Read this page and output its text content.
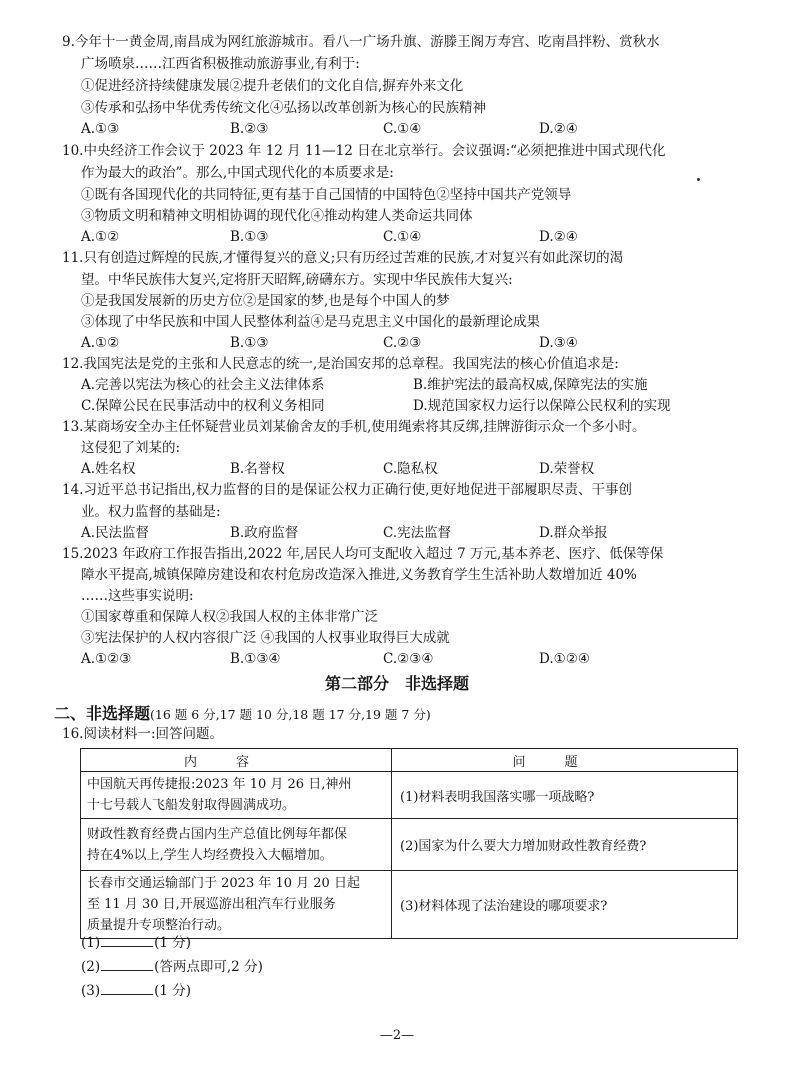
9.今年十一黄金周,南昌成为网红旅游城市。看八一广场升旗、游滕王阁万寿宫、吃南昌拌粉、赏秋水
广场喷泉……江西省积极推动旅游事业,有利于:
①促进经济持续健康发展②提升老俵们的文化自信,摒弃外来文化
③传承和弘扬中华优秀传统文化④弘扬以改革创新为核心的民族精神
A.①③	B.②③	C.①④	D.②④
10.中央经济工作会议于 2023 年 12 月 11—12 日在北京举行。会议强调:“必须把推进中国式现代化
作为最大的政治”。那么,中国式现代化的本质要求是:
①既有各国现代化的共同特征,更有基于自己国情的中国特色②坚持中国共产党领导
③物质文明和精神文明相协调的现代化④推动构建人类命运共同体
A.①②	B.①③	C.①④	D.②④
11.只有创造过辉煌的民族,才懂得复兴的意义;只有历经过苦难的民族,才对复兴有如此深切的渴
望。中华民族伟大复兴,定将肝天昭辉,磅礴东方。实现中华民族伟大复兴:
①是我国发展新的历史方位②是国家的梦,也是每个中国人的梦
③体现了中华民族和中国人民整体利益④是马克思主义中国化的最新理论成果
A.①②	B.①③	C.②③	D.③④
12.我国宪法是党的主张和人民意志的统一,是治国安邦的总章程。我国宪法的核心价值追求是:
A.完善以宪法为核心的社会主义法律体系	B.维护宪法的最高权威,保障宪法的实施
C.保障公民在民事活动中的权利义务相同	D.规范国家权力运行以保障公民权利的实现
13.某商场安全办主任怀疑营业员刘某偷舍友的手机,使用绳索将其反绑,挂牌游街示众一个多小时。
这侵犯了刘某的:
A.姓名权	B.名誉权	C.隐私权	D.荣誉权
14.习近平总书记指出,权力监督的目的是保证公权力正确行使,更好地促进干部履职尽责、干事创
业。权力监督的基础是:
A.民法监督	B.政府监督	C.宪法监督	D.群众举报
15.2023 年政府工作报告指出,2022 年,居民人均可支配收入超过 7 万元,基本养老、医疗、低保等保
障水平提高,城镇保障房建设和农村危房改造深入推进,义务教育学生生活补助人数增加近 40%
……这些事实说明:
①国家尊重和保障人权②我国人权的主体非常广泛
③宪法保护的人权内容很广泛 ④我国的人权事业取得巨大成就
A.①②③	B.①③④	C.②③④	D.①②④
第二部分　非选择题
二、非选择题(16 题 6 分,17 题 10 分,18 题 17 分,19 题 7 分)
16.阅读材料一:回答问题。
内容	问题

中国航天再传捷报:2023 年 10 月 26 日,神州
十七号载人飞船发射取得圆满成功。	(1)材料表明我国落实哪一项战略?

财政性教育经费占国内生产总值比例每年都保
持在4%以上,学生人均经费投入大幅增加。	(2)国家为什么要大力增加财政性教育经费?

长春市交通运输部门于 2023 年 10 月 20 日起
至 11 月 30 日,开展巡游出租汽车行业服务
质量提升专项整治行动。	(3)材料体现了法治建设的哪项要求?
(1)	(1 分)
(2)	(答两点即可,2 分)
(3)	(1 分)
—2—
